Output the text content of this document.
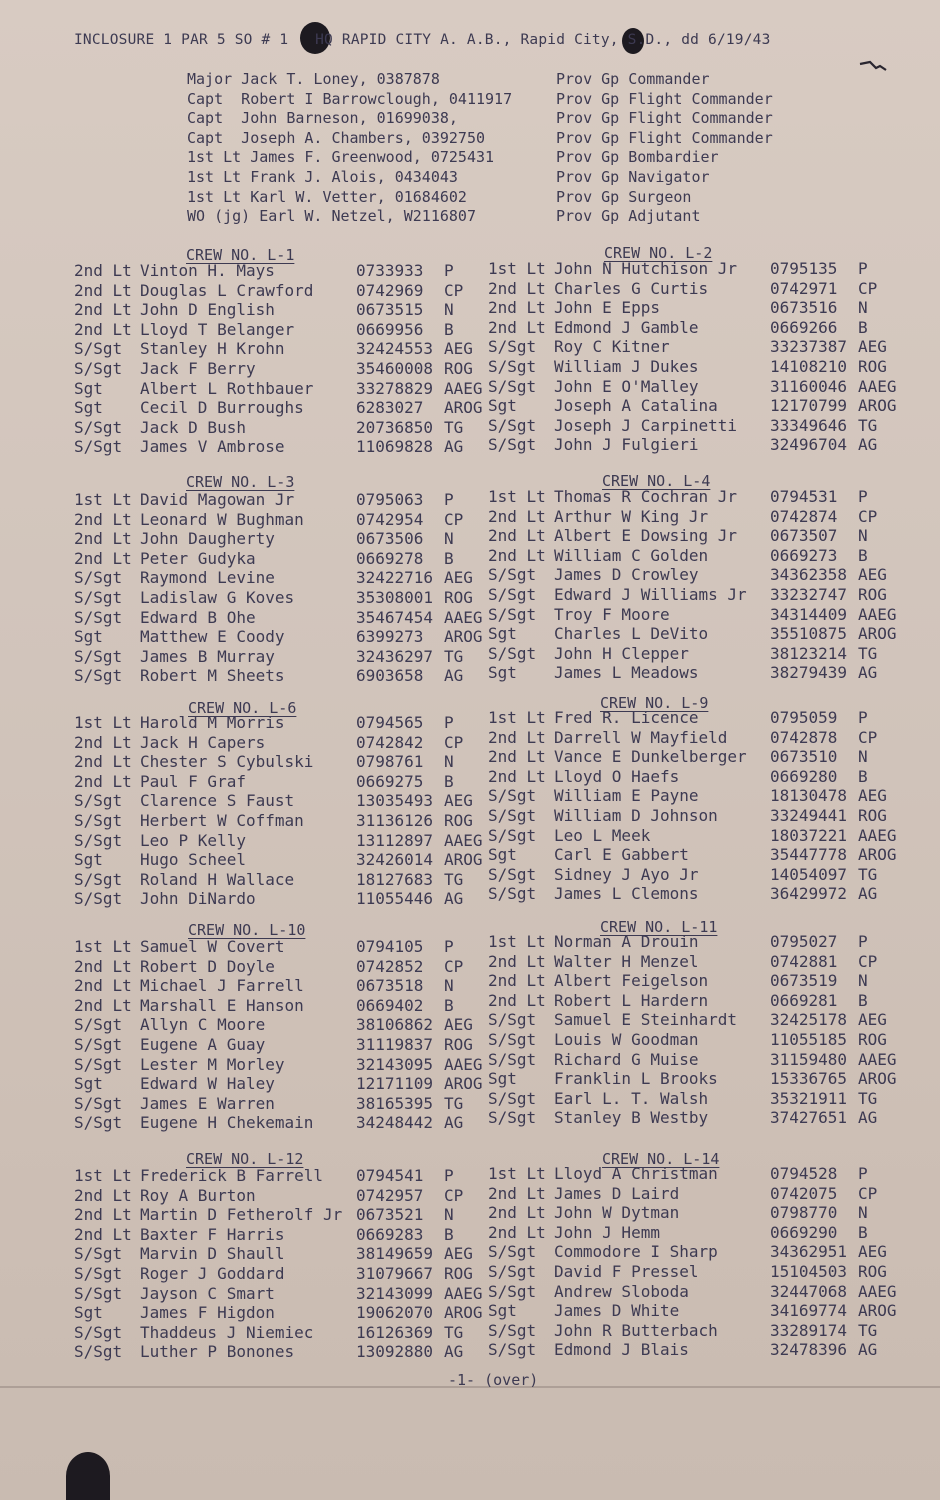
INCLOSURE 1 PAR 5 SO # 1   HQ RAPID CITY A. A.B., Rapid City, S.D., dd 6/19/43
Major Jack T. Loney, 0387878	Prov Gp Commander
Capt  Robert I Barrowclough, 0411917	Prov Gp Flight Commander
Capt  John Barneson, 01699038,	Prov Gp Flight Commander
Capt  Joseph A. Chambers, 0392750	Prov Gp Flight Commander
1st Lt James F. Greenwood, 0725431	Prov Gp Bombardier
1st Lt Frank J. Alois, 0434043	Prov Gp Navigator
1st Lt Karl W. Vetter, 01684602	Prov Gp Surgeon
WO (jg) Earl W. Netzel, W2116807	Prov Gp Adjutant
CREW NO. L-1
2nd Lt Vinton H. Mays	0733933 P
2nd Lt Douglas L Crawford	0742969 CP
2nd Lt John D English	0673515 N
2nd Lt Lloyd T Belanger	0669956 B
S/Sgt Stanley H Krohn	32424553 AEG
S/Sgt Jack F Berry	35460008 ROG
Sgt Albert L Rothbauer	33278829 AAEG
Sgt Cecil D Burroughs	6283027 AROG
S/Sgt Jack D Bush	20736850 TG
S/Sgt James V Ambrose	11069828 AG
CREW NO. L-2
1st Lt John N Hutchison Jr 0795135 P
2nd Lt Charles G Curtis	0742971 CP
2nd Lt John E Epps	0673516 N
2nd Lt Edmond J Gamble	0669266 B
S/Sgt Roy C Kitner	33237387 AEG
S/Sgt William J Dukes	14108210 ROG
S/Sgt John E O'Malley	31160046 AAEG
Sgt Joseph A Catalina	12170799 AROG
S/Sgt Joseph J Carpinetti 33349646 TG
S/Sgt John J Fulgieri	32496704 AG
CREW NO. L-3
1st Lt David Magowan Jr	0795063 P
2nd Lt Leonard W Bughman	0742954 CP
2nd Lt John Daugherty	0673506 N
2nd Lt Peter Gudyka	0669278 B
S/Sgt Raymond Levine	32422716 AEG
S/Sgt Ladislaw G Koves	35308001 ROG
S/Sgt Edward B Ohe	35467454 AAEG
Sgt Matthew E Coody	6399273 AROG
S/Sgt James B Murray	32436297 TG
S/Sgt Robert M Sheets	6903658 AG
CREW NO. L-4
1st Lt Thomas R Cochran Jr 0794531 P
2nd Lt Arthur W King Jr	0742874 CP
2nd Lt Albert E Dowsing Jr 0673507 N
2nd Lt William C Golden	0669273 B
S/Sgt James D Crowley	34362358 AEG
S/Sgt Edward J Williams Jr 33232747 ROG
S/Sgt Troy F Moore	34314409 AAEG
Sgt Charles L DeVito	35510875 AROG
S/Sgt John H Clepper	38123214 TG
Sgt James L Meadows	38279439 AG
CREW NO. L-6
1st Lt Harold M Morris	0794565 P
2nd Lt Jack H Capers	0742842 CP
2nd Lt Chester S Cybulski	0798761 N
2nd Lt Paul F Graf	0669275 B
S/Sgt Clarence S Faust	13035493 AEG
S/Sgt Herbert W Coffman	31136126 ROG
S/Sgt Leo P Kelly	13112897 AAEG
Sgt Hugo Scheel	32426014 AROG
S/Sgt Roland H Wallace	18127683 TG
S/Sgt John DiNardo	11055446 AG
CREW NO. L-9
1st Lt Fred R. Licence	0795059 P
2nd Lt Darrell W Mayfield	0742878 CP
2nd Lt Vance E Dunkelberger 0673510 N
2nd Lt Lloyd O Haefs	0669280 B
S/Sgt William E Payne	18130478 AEG
S/Sgt William D Johnson	33249441 ROG
S/Sgt Leo L Meek	18037221 AAEG
Sgt Carl E Gabbert	35447778 AROG
S/Sgt Sidney J Ayo Jr	14054097 TG
S/Sgt James L Clemons	36429972 AG
CREW NO. L-10
1st Lt Samuel W Covert	0794105 P
2nd Lt Robert D Doyle	0742852 CP
2nd Lt Michael J Farrell	0673518 N
2nd Lt Marshall E Hanson	0669402 B
S/Sgt Allyn C Moore	38106862 AEG
S/Sgt Eugene A Guay	31119837 ROG
S/Sgt Lester M Morley	32143095 AAEG
Sgt Edward W Haley	12171109 AROG
S/Sgt James E Warren	38165395 TG
S/Sgt Eugene H Chekemain	34248442 AG
CREW NO. L-11
1st Lt Norman A Drouin	0795027 P
2nd Lt Walter H Menzel	0742881 CP
2nd Lt Albert Feigelson	0673519 N
2nd Lt Robert L Hardern	0669281 B
S/Sgt Samuel E Steinhardt 32425178 AEG
S/Sgt Louis W Goodman	11055185 ROG
S/Sgt Richard G Muise	31159480 AAEG
Sgt Franklin L Brooks	15336765 AROG
S/Sgt Earl L. T. Walsh	35321911 TG
S/Sgt Stanley B Westby	37427651 AG
CREW NO. L-12
1st Lt Frederick B Farrell 0794541 P
2nd Lt Roy A Burton	0742957 CP
2nd Lt Martin D Fetherolf Jr 0673521 N
2nd Lt Baxter F Harris	0669283 B
S/Sgt Marvin D Shaull	38149659 AEG
S/Sgt Roger J Goddard	31079667 ROG
S/Sgt Jayson C Smart	32143099 AAEG
Sgt James F Higdon	19062070 AROG
S/Sgt Thaddeus J Niemiec	16126369 TG
S/Sgt Luther P Bonones	13092880 AG
CREW NO. L-14
1st Lt Lloyd A Christman	0794528 P
2nd Lt James D Laird	0742075 CP
2nd Lt John W Dytman	0798770 N
2nd Lt John J Hemm	0669290 B
S/Sgt Commodore I Sharp	34362951 AEG
S/Sgt David F Pressel	15104503 ROG
S/Sgt Andrew Sloboda	32447068 AAEG
Sgt James D White	34169774 AROG
S/Sgt John R Butterbach	33289174 TG
S/Sgt Edmond J Blais	32478396 AG
-1- (over)
